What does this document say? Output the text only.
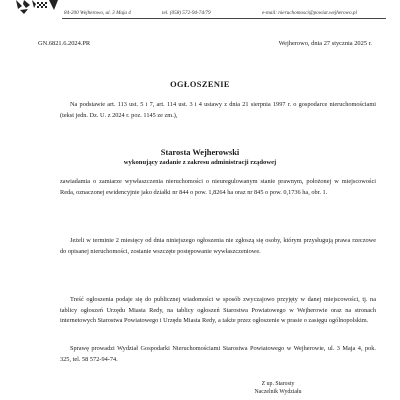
84-200 Wejherowo, ul. 3 Maja 4	tel. (058) 572-94-74/79	e-mail: nieruchomosci@powiat.wejherowo.pl
GN.6821.6.2024.PR	Wejherowo, dnia 27 stycznia 2025 r.
OGŁOSZENIE
Na podstawie art. 113 ust. 5 i 7, art. 114 ust. 3 i 4 ustawy z dnia 21 sierpnia 1997 r. o gospodarce nieruchomościami (tekst jedn. Dz. U. z 2024 r. poz. 1145 ze zm.),
Starosta Wejherowski
wykonujący zadanie z zakresu administracji rządowej
zawiadamia o zamiarze wywłaszczenia nieruchomości o nieuregulowanym stanie prawnym, położonej w miejscowości Reda, oznaczonej ewidencyjnie jako działki nr 844 o pow. 1,8264 ha oraz nr 845 o pow. 0,1736 ha, obr. 1.
Jeżeli w terminie 2 miesięcy od dnia niniejszego ogłoszenia nie zgłoszą się osoby, którym przysługują prawa rzeczowe do opisanej nieruchomości, zostanie wszczęte postępowanie wywłaszczeniowe.
Treść ogłoszenia podaje się do publicznej wiadomości w sposób zwyczajowo przyjęty w danej miejscowości, tj. na tablicy ogłoszeń Urzędu Miasta Redy, na tablicy ogłoszeń Starostwa Powiatowego w Wejherowie oraz na stronach internetowych Starostwa Powiatowego i Urzędu Miasta Redy, a także przez ogłoszenie w prasie o zasięgu ogólnopolskim.
Sprawę prowadzi Wydział Gospodarki Nieruchomościami Starostwa Powiatowego w Wejherowie, ul. 3 Maja 4, pok. 325, tel. 58 572-94-74.
Z up. Starosty
Naczelnik Wydziału
